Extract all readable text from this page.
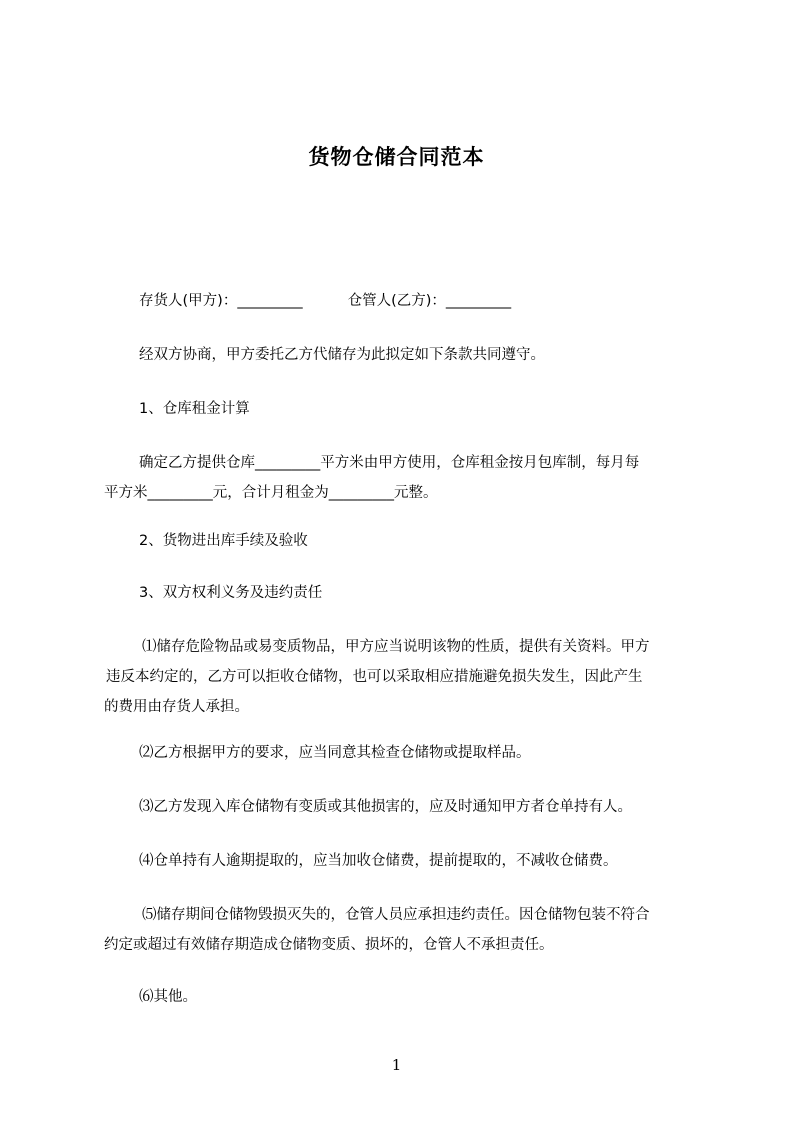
货物仓储合同范本
存货人(甲方)：_________	仓管人(乙方)：_________
经双方协商，甲方委托乙方代储存为此拟定如下条款共同遵守。
1、仓库租金计算
确定乙方提供仓库_________平方米由甲方使用，仓库租金按月包库制，每月每
平方米_________元，合计月租金为_________元整。
2、货物进出库手续及验收
3、双方权利义务及违约责任
⑴储存危险物品或易变质物品，甲方应当说明该物的性质，提供有关资料。甲方
违反本约定的，乙方可以拒收仓储物，也可以采取相应措施避免损失发生，因此产生
的费用由存货人承担。
⑵乙方根据甲方的要求，应当同意其检查仓储物或提取样品。
⑶乙方发现入库仓储物有变质或其他损害的，应及时通知甲方者仓单持有人。
⑷仓单持有人逾期提取的，应当加收仓储费，提前提取的，不减收仓储费。
⑸储存期间仓储物毁损灭失的，仓管人员应承担违约责任。因仓储物包装不符合
约定或超过有效储存期造成仓储物变质、损坏的，仓管人不承担责任。
⑹其他。
1
